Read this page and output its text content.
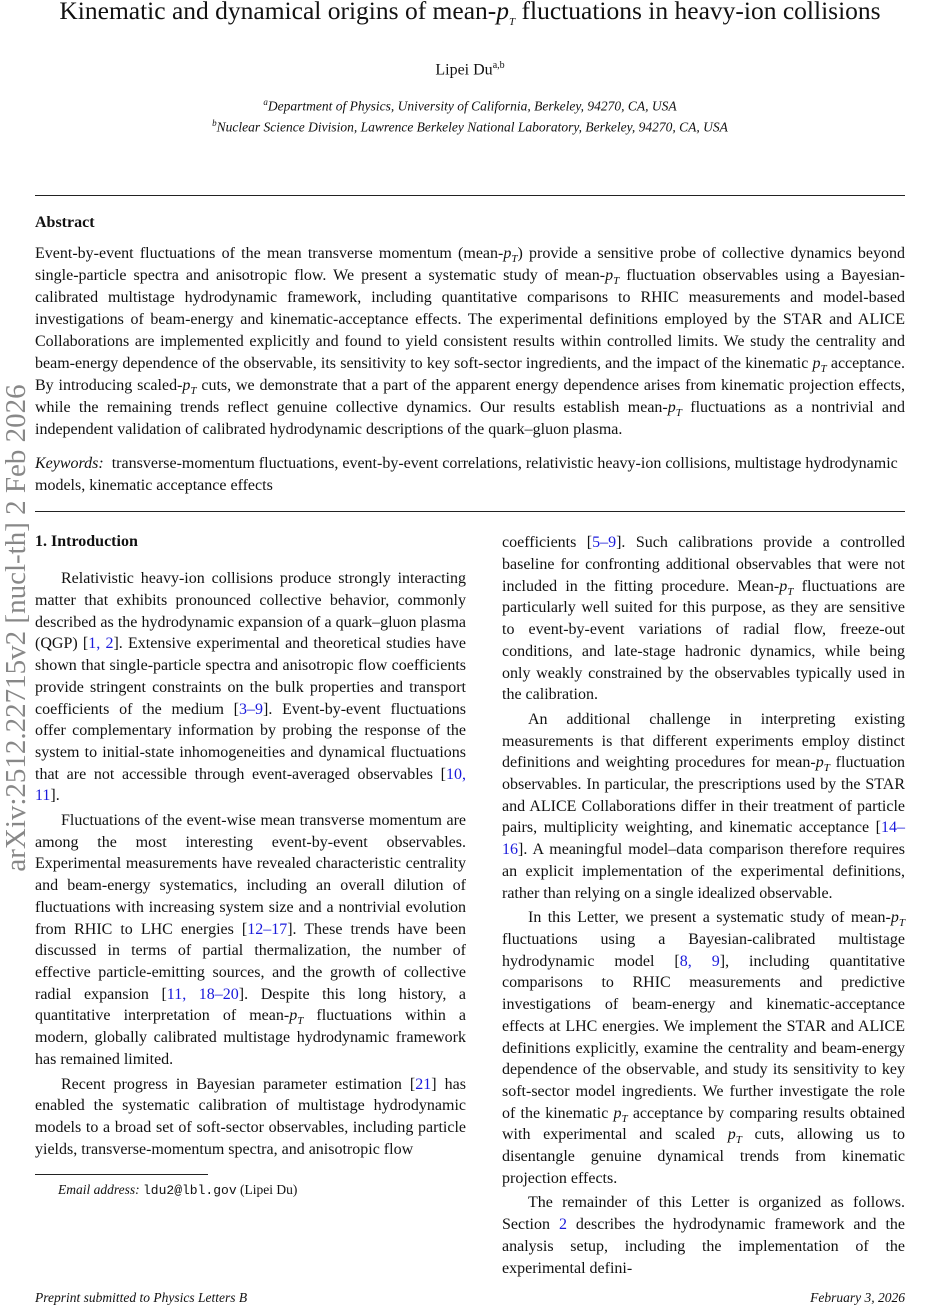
arXiv:2512.22715v2 [nucl-th] 2 Feb 2026
Kinematic and dynamical origins of mean-$p_T$ fluctuations in heavy-ion collisions
Lipei Du$^{a,b}$
$^a$Department of Physics, University of California, Berkeley, 94270, CA, USA
$^b$Nuclear Science Division, Lawrence Berkeley National Laboratory, Berkeley, 94270, CA, USA
Abstract

Event-by-event fluctuations of the mean transverse momentum $(mean-p_T)$ provide a sensitive probe of collective dynamics beyond single-particle spectra and anisotropic flow. We present a systematic study of mean-$p_T$ fluctuation observables using a Bayesian-calibrated multistage hydrodynamic framework, including quantitative comparisons to RHIC measurements and model-based investigations of beam-energy and kinematic-acceptance effects. The experimental definitions employed by the STAR and ALICE Collaborations are implemented explicitly and found to yield consistent results within controlled limits. We study the centrality and beam-energy dependence of the observable, its sensitivity to key soft-sector ingredients, and the impact of the kinematic $p_T$ acceptance. By introducing scaled-$p_T$ cuts, we demonstrate that a part of the apparent energy dependence arises from kinematic projection effects, while the remaining trends reflect genuine collective dynamics. Our results establish mean-$p_T$ fluctuations as a nontrivial and independent validation of calibrated hydrodynamic descriptions of the quark–gluon plasma.

Keywords: transverse-momentum fluctuations, event-by-event correlations, relativistic heavy-ion collisions, multistage hydrodynamic models, kinematic acceptance effects
1. Introduction

Relativistic heavy-ion collisions produce strongly interacting matter that exhibits pronounced collective behavior, commonly described as the hydrodynamic expansion of a quark–gluon plasma (QGP) [1, 2]. Extensive experimental and theoretical studies have shown that single-particle spectra and anisotropic flow coefficients provide stringent constraints on the bulk properties and transport coefficients of the medium [3–9]. Event-by-event fluctuations offer complementary information by probing the response of the system to initial-state inhomogeneities and dynamical fluctuations that are not accessible through event-averaged observables [10, 11].

Fluctuations of the event-wise mean transverse momentum are among the most interesting event-by-event observables. Experimental measurements have revealed characteristic centrality and beam-energy systematics, including an overall dilution of fluctuations with increasing system size and a nontrivial evolution from RHIC to LHC energies [12–17]. These trends have been discussed in terms of partial thermalization, the number of effective particle-emitting sources, and the growth of collective radial expansion [11, 18–20]. Despite this long history, a quantitative interpretation of mean-$p_T$ fluctuations within a modern, globally calibrated multistage hydrodynamic framework has remained limited.

Recent progress in Bayesian parameter estimation [21] has enabled the systematic calibration of multistage hydrodynamic models to a broad set of soft-sector observables, including particle yields, transverse-momentum spectra, and anisotropic flow

Email address: ldu2@lbl.gov (Lipei Du)

coefficients [5–9]. Such calibrations provide a controlled baseline for confronting additional observables that were not included in the fitting procedure. Mean-$p_T$ fluctuations are particularly well suited for this purpose, as they are sensitive to event-by-event variations of radial flow, freeze-out conditions, and late-stage hadronic dynamics, while being only weakly constrained by the observables typically used in the calibration.

An additional challenge in interpreting existing measurements is that different experiments employ distinct definitions and weighting procedures for mean-$p_T$ fluctuation observables. In particular, the prescriptions used by the STAR and ALICE Collaborations differ in their treatment of particle pairs, multiplicity weighting, and kinematic acceptance [14–16]. A meaningful model–data comparison therefore requires an explicit implementation of the experimental definitions, rather than relying on a single idealized observable.

In this Letter, we present a systematic study of mean-$p_T$ fluctuations using a Bayesian-calibrated multistage hydrodynamic model [8, 9], including quantitative comparisons to RHIC measurements and predictive investigations of beam-energy and kinematic-acceptance effects at LHC energies. We implement the STAR and ALICE definitions explicitly, examine the centrality and beam-energy dependence of the observable, and study its sensitivity to key soft-sector model ingredients. We further investigate the role of the kinematic $p_T$ acceptance by comparing results obtained with experimental and scaled $p_T$ cuts, allowing us to disentangle genuine dynamical trends from kinematic projection effects.

The remainder of this Letter is organized as follows. Section 2 describes the hydrodynamic framework and the analysis setup, including the implementation of the experimental defini-

Preprint submitted to Physics Letters B	February 3, 2026
